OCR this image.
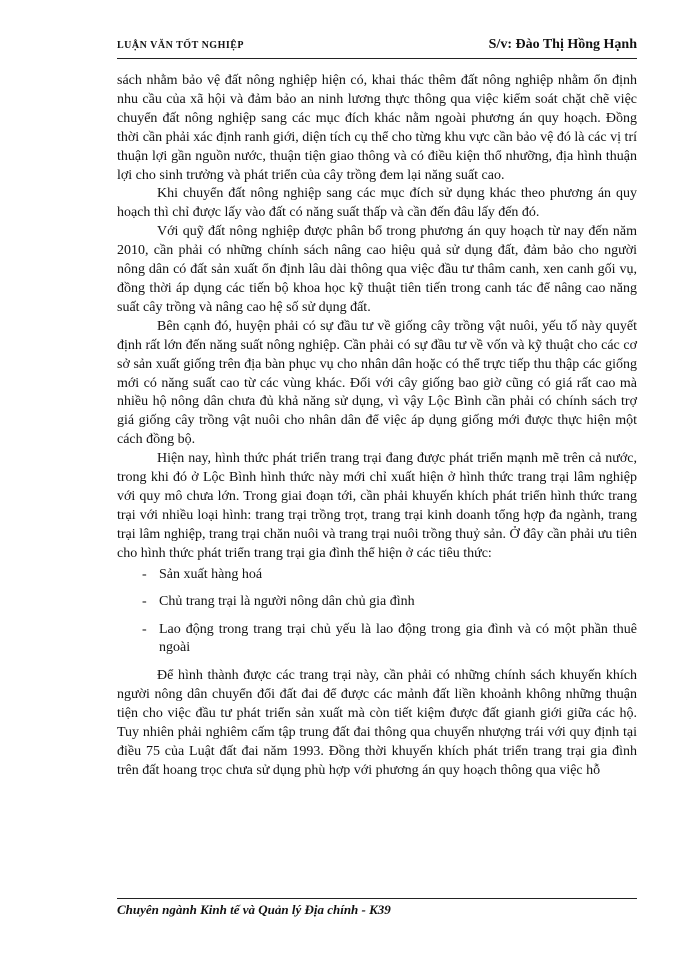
LUẬN VĂN TỐT NGHIỆP	S/v: Đào Thị Hồng Hạnh

sách nhằm bảo vệ đất nông nghiệp hiện có, khai thác thêm đất nông nghiệp nhằm ổn định nhu cầu của xã hội và đảm bảo an ninh lương thực thông qua việc kiểm soát chặt chẽ việc chuyển đất nông nghiệp sang các mục đích khác nằm ngoài phương án quy hoạch. Đồng thời cần phải xác định ranh giới, diện tích cụ thể cho từng khu vực cần bảo vệ đó là các vị trí thuận lợi gần nguồn nước, thuận tiện giao thông và có điều kiện thổ nhưỡng, địa hình thuận lợi cho sinh trưởng và phát triển của cây trồng đem lại năng suất cao.

Khi chuyển đất nông nghiệp sang các mục đích sử dụng khác theo phương án quy hoạch thì chỉ được lấy vào đất có năng suất thấp và cần đến đâu lấy đến đó.

Với quỹ đất nông nghiệp được phân bổ trong phương án quy hoạch từ nay đến năm 2010, cần phải có những chính sách nâng cao hiệu quả sử dụng đất, đảm bảo cho người nông dân có đất sản xuất ổn định lâu dài thông qua việc đầu tư thâm canh, xen canh gối vụ, đồng thời áp dụng các tiến bộ khoa học kỹ thuật tiên tiến trong canh tác để nâng cao năng suất cây trồng và nâng cao hệ số sử dụng đất.

Bên cạnh đó, huyện phải có sự đầu tư về giống cây trồng vật nuôi, yếu tố này quyết định rất lớn đến năng suất nông nghiệp. Cần phải có sự đầu tư về vốn và kỹ thuật cho các cơ sở sản xuất giống trên địa bàn phục vụ cho nhân dân hoặc có thể trực tiếp thu thập các giống mới có năng suất cao từ các vùng khác. Đối với cây giống bao giờ cũng có giá rất cao mà nhiều hộ nông dân chưa đủ khả năng sử dụng, vì vậy Lộc Bình cần phải có chính sách trợ giá giống cây trồng vật nuôi cho nhân dân để việc áp dụng giống mới được thực hiện một cách đồng bộ.

Hiện nay, hình thức phát triển trang trại đang được phát triển mạnh mẽ trên cả nước, trong khi đó ở Lộc Bình hình thức này mới chỉ xuất hiện ở hình thức trang trại lâm nghiệp với quy mô chưa lớn. Trong giai đoạn tới, cần phải khuyến khích phát triển hình thức trang trại với nhiều loại hình: trang trại trồng trọt, trang trại kinh doanh tổng hợp đa ngành, trang trại lâm nghiệp, trang trại chăn nuôi và trang trại nuôi trồng thuỷ sản. Ở đây cần phải ưu tiên cho hình thức phát triển trang trại gia đình thể hiện ở các tiêu thức:

- Sản xuất hàng hoá
- Chủ trang trại là người nông dân chủ gia đình
- Lao động trong trang trại chủ yếu là lao động trong gia đình và có một phần thuê ngoài

Để hình thành được các trang trại này, cần phải có những chính sách khuyến khích người nông dân chuyển đổi đất đai để được các mảnh đất liền khoảnh không những thuận tiện cho việc đầu tư phát triển sản xuất mà còn tiết kiệm được đất gianh giới giữa các hộ. Tuy nhiên phải nghiêm cấm tập trung đất đai thông qua chuyển nhượng trái với quy định tại điều 75 của Luật đất đai năm 1993. Đồng thời khuyến khích phát triển trang trại gia đình trên đất hoang trọc chưa sử dụng phù hợp với phương án quy hoạch thông qua việc hỗ

Chuyên ngành Kinh tế và Quản lý Địa chính - K39
